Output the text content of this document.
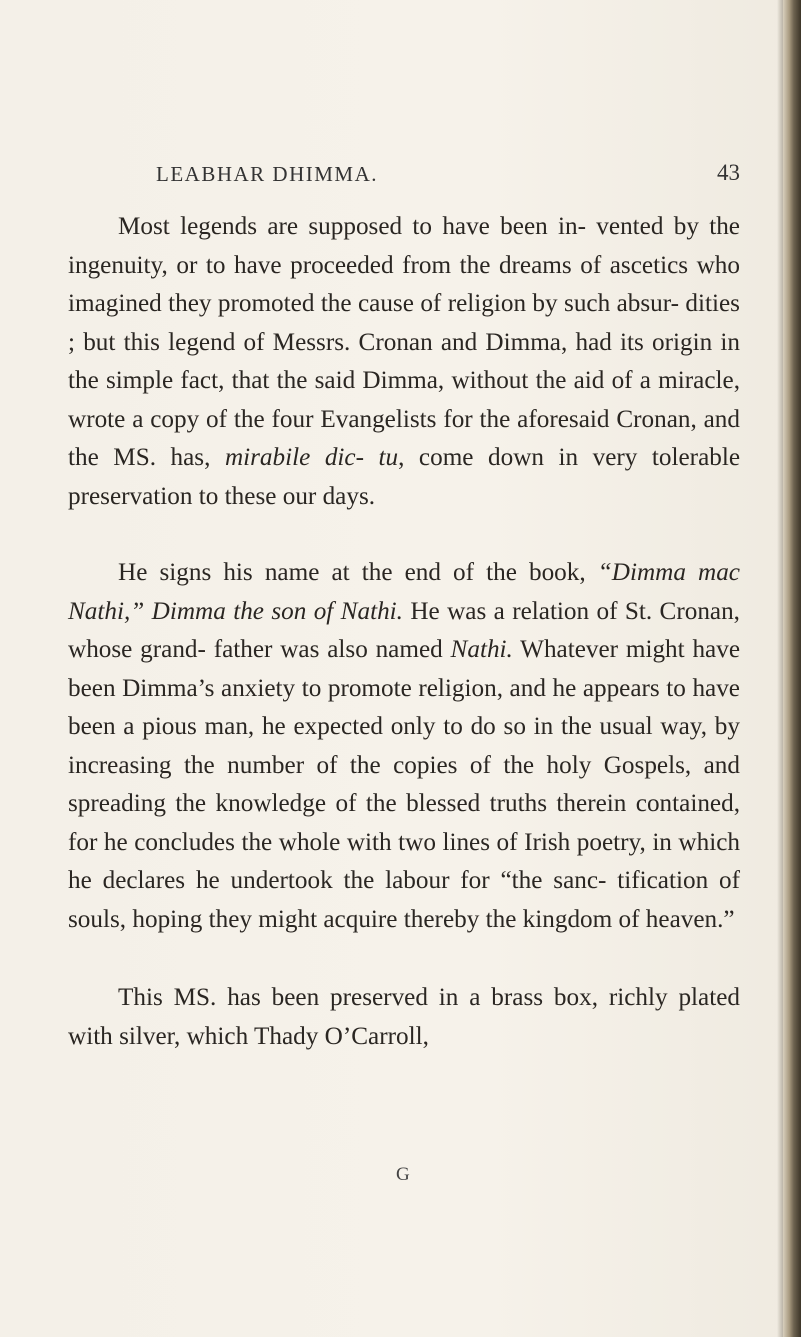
LEABHAR DHIMMA.	43

Most legends are supposed to have been in- vented by the ingenuity, or to have proceeded from the dreams of ascetics who imagined they promoted the cause of religion by such absur- dities ; but this legend of Messrs. Cronan and Dimma, had its origin in the simple fact, that the said Dimma, without the aid of a miracle, wrote a copy of the four Evangelists for the aforesaid Cronan, and the MS. has, mirabile dic- tu, come down in very tolerable preservation to these our days.

He signs his name at the end of the book, “Dimma mac Nathi,” Dimma the son of Nathi. He was a relation of St. Cronan, whose grand- father was also named Nathi. Whatever might have been Dimma’s anxiety to promote religion, and he appears to have been a pious man, he expected only to do so in the usual way, by increasing the number of the copies of the holy Gospels, and spreading the knowledge of the blessed truths therein contained, for he concludes the whole with two lines of Irish poetry, in which he declares he undertook the labour for “the sanc- tification of souls, hoping they might acquire thereby the kingdom of heaven.”

This MS. has been preserved in a brass box, richly plated with silver, which Thady O’Carroll,

G
